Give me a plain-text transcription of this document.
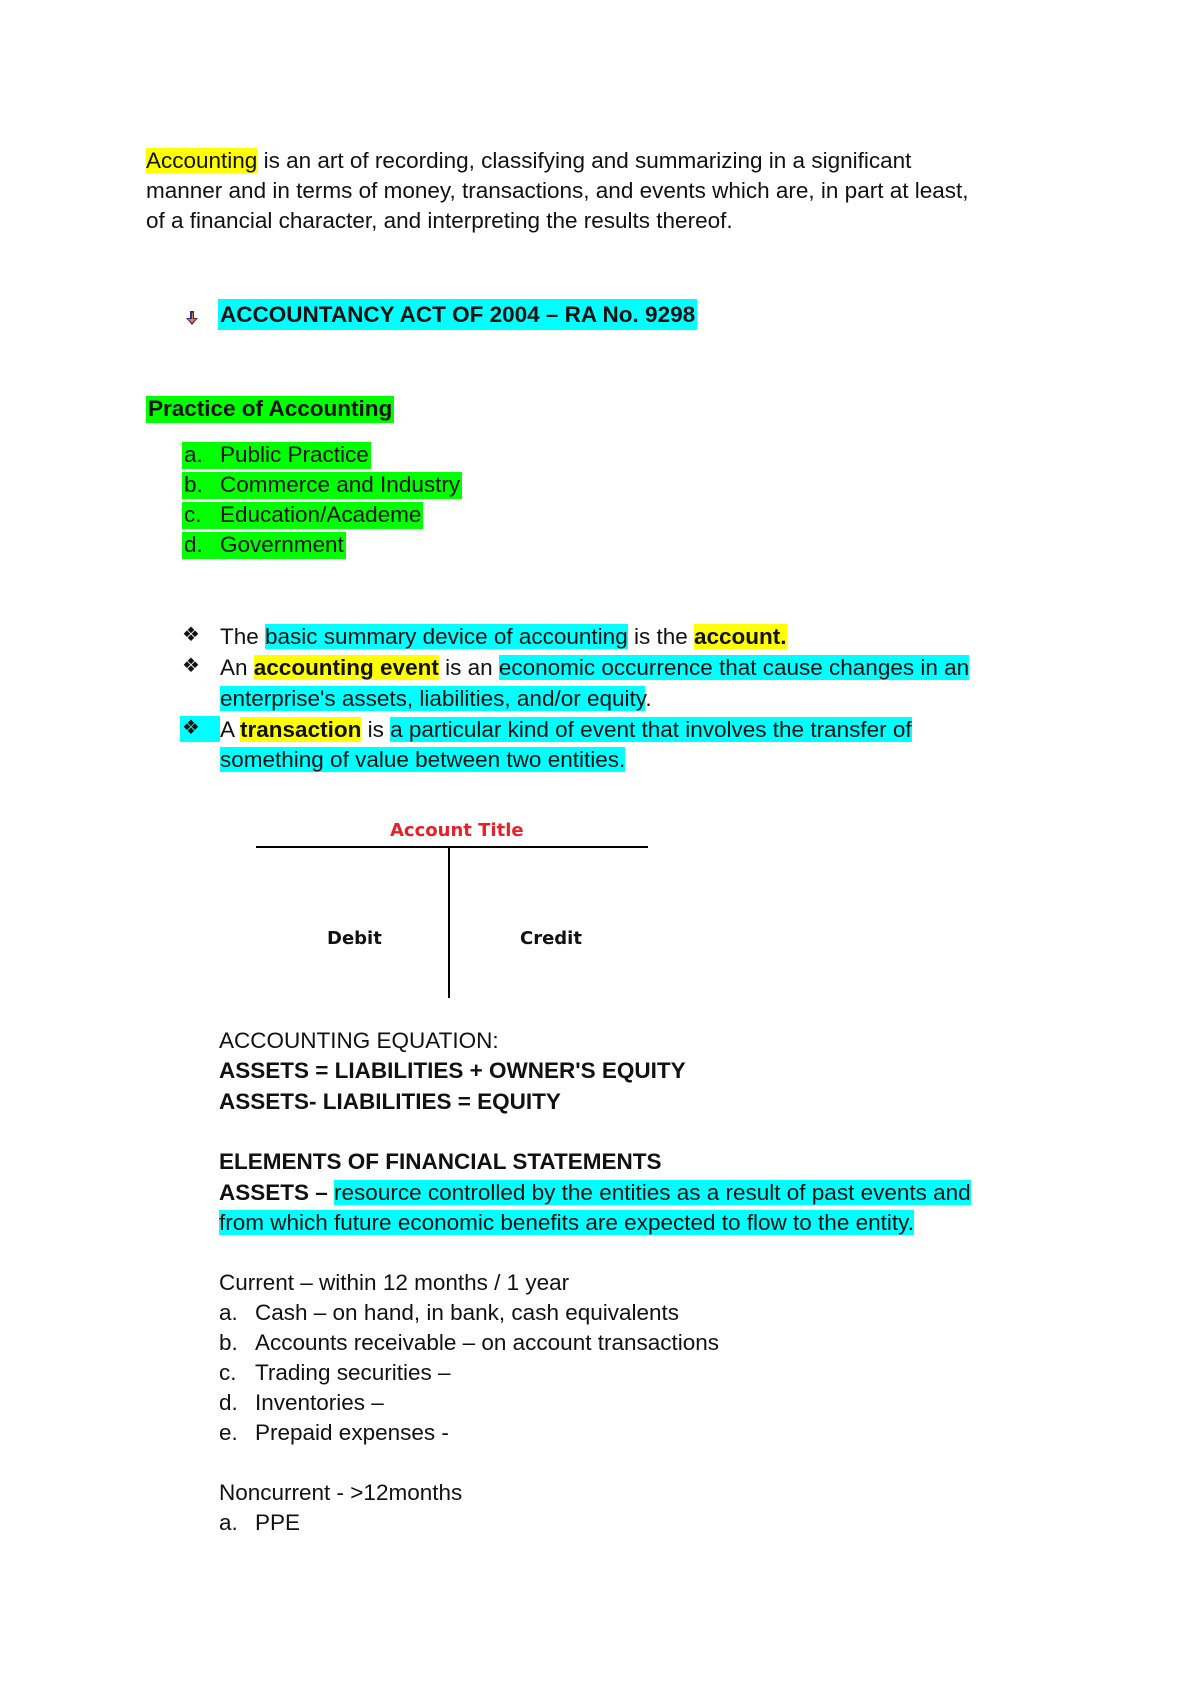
Accounting is an art of recording, classifying and summarizing in a significant
manner and in terms of money, transactions, and events which are, in part at least,
of a financial character, and interpreting the results thereof.
ACCOUNTANCY ACT OF 2004 – RA No. 9298
Practice of Accounting
a. Public Practice
b. Commerce and Industry
c. Education/Academe
d. Government
❖ The basic summary device of accounting is the account.
❖ An accounting event is an economic occurrence that cause changes in an
enterprise's assets, liabilities, and/or equity.
❖ A transaction is a particular kind of event that involves the transfer of
something of value between two entities.
Account Title
Debit	Credit
ACCOUNTING EQUATION:
ASSETS = LIABILITIES + OWNER'S EQUITY
ASSETS- LIABILITIES = EQUITY
ELEMENTS OF FINANCIAL STATEMENTS
ASSETS – resource controlled by the entities as a result of past events and
from which future economic benefits are expected to flow to the entity.
Current – within 12 months / 1 year
a. Cash – on hand, in bank, cash equivalents
b. Accounts receivable – on account transactions
c. Trading securities –
d. Inventories –
e. Prepaid expenses -
Noncurrent - >12months
a. PPE
